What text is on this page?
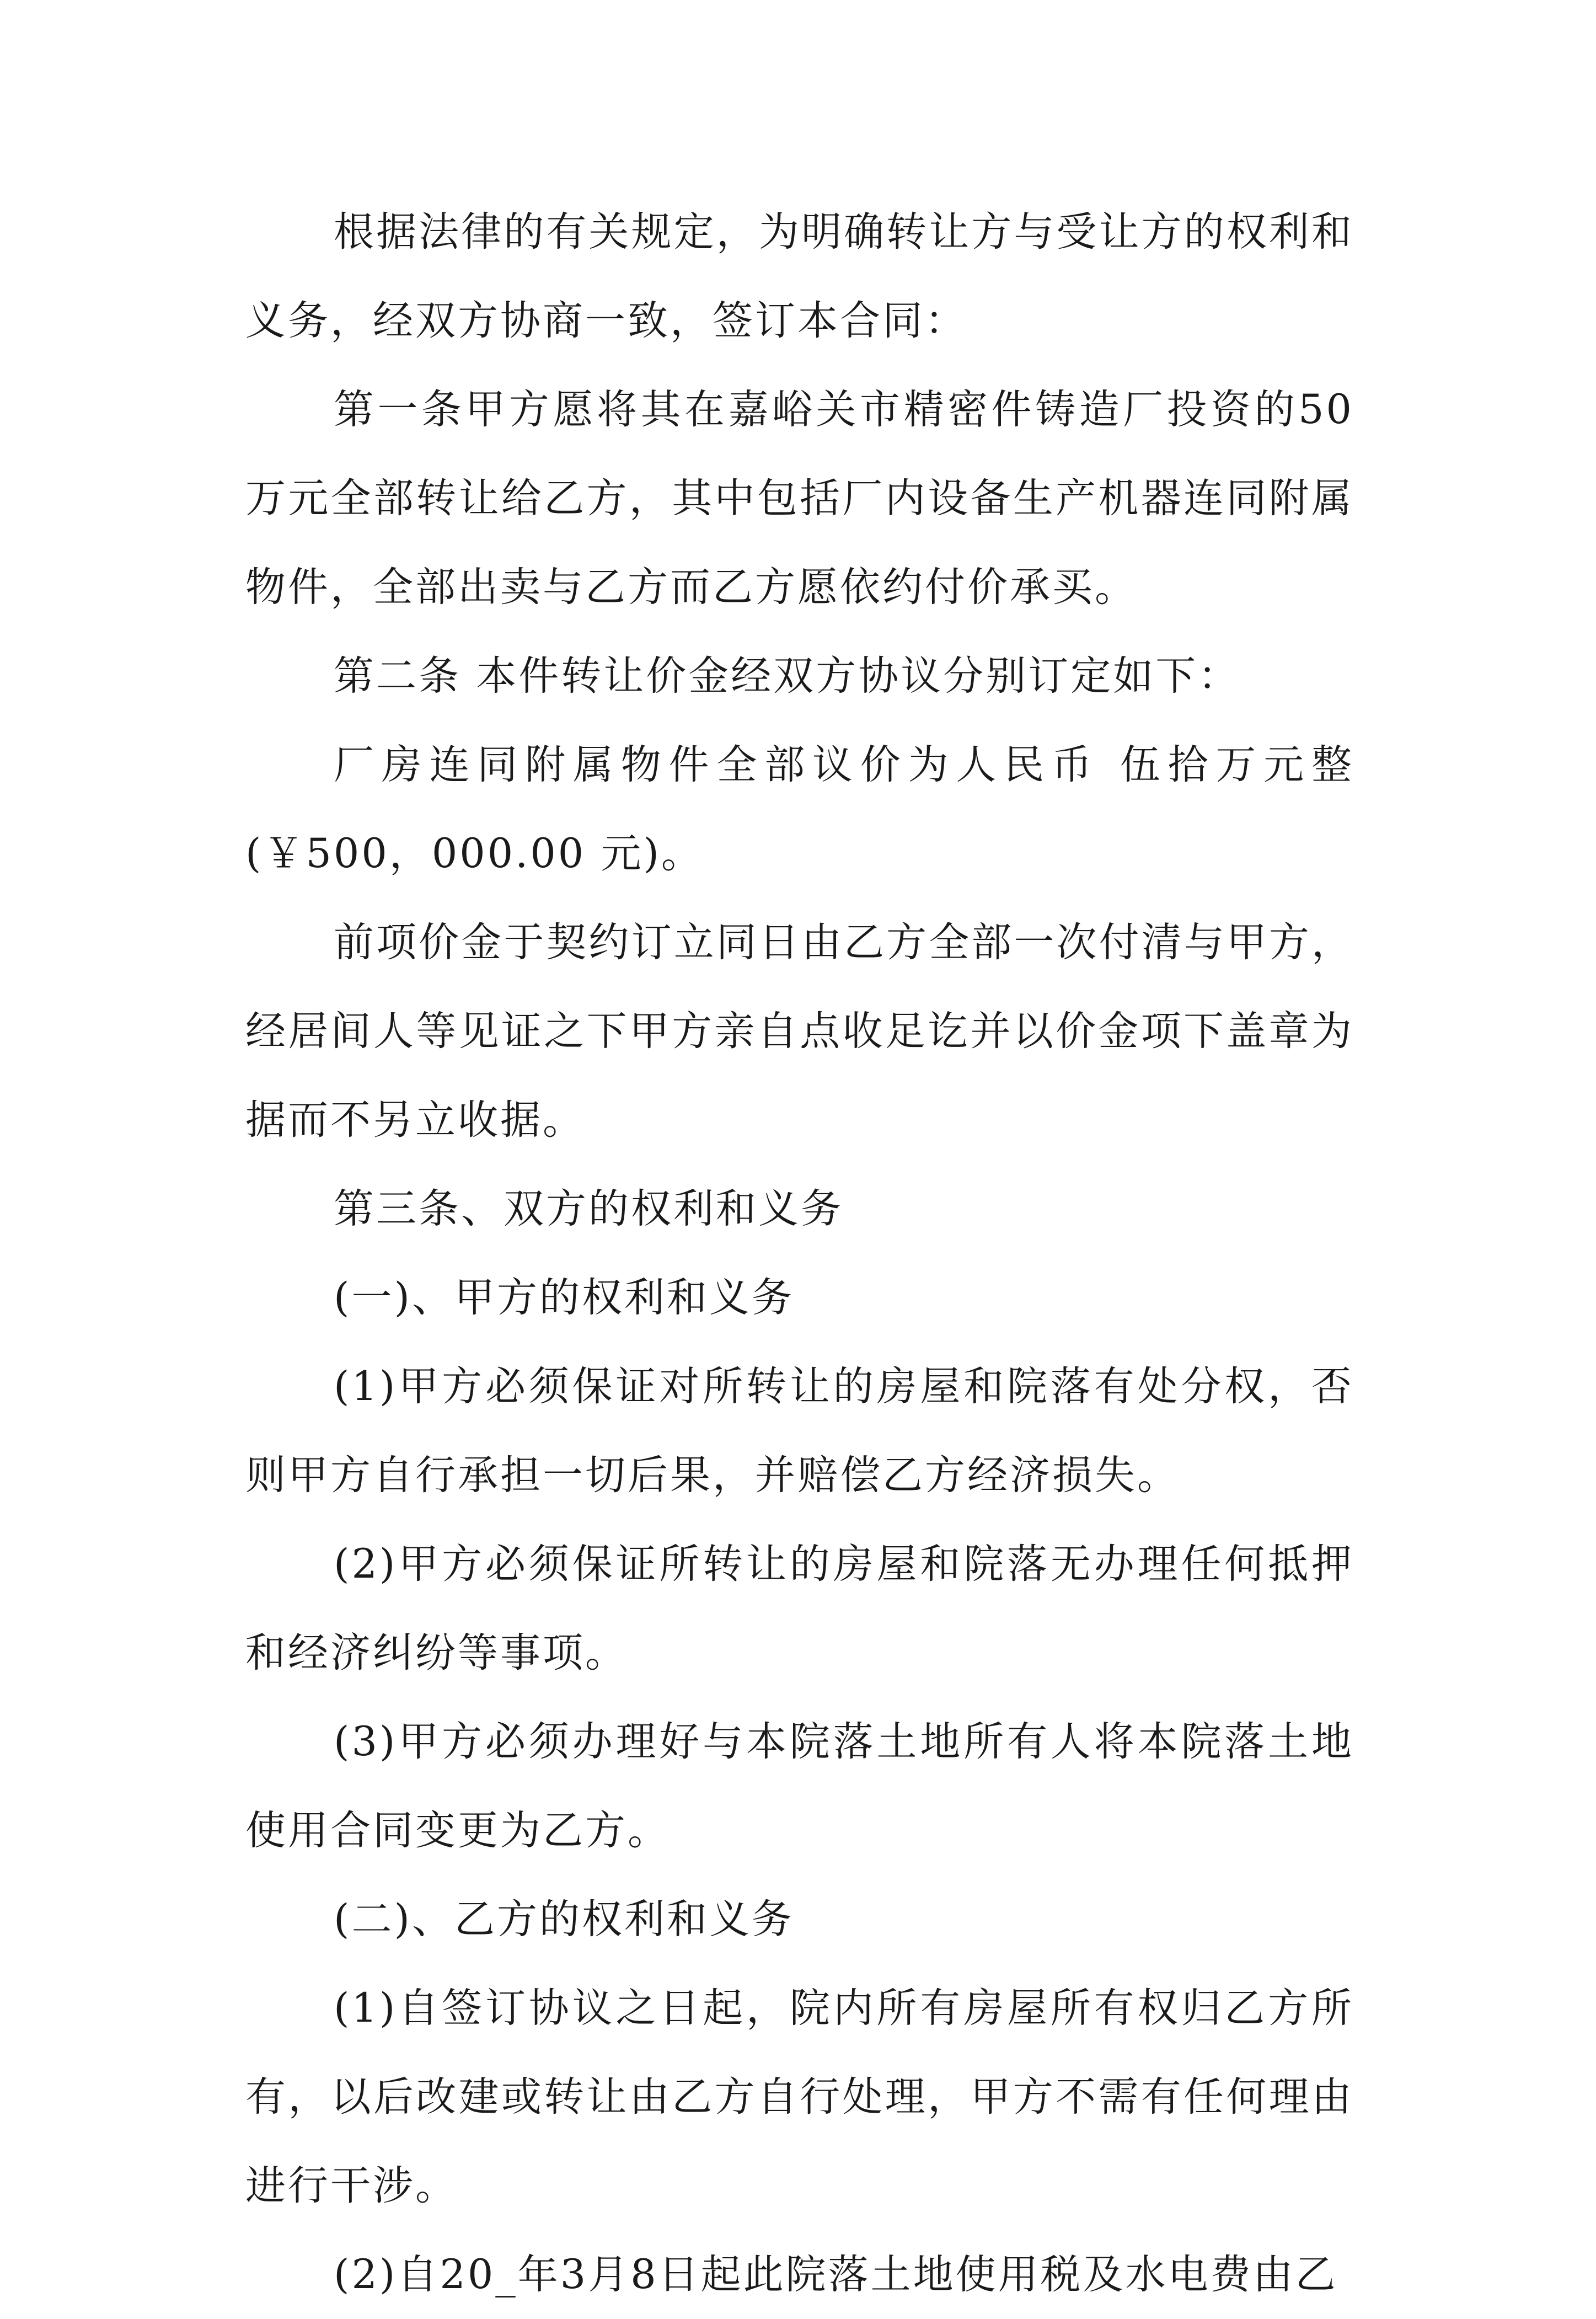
根据法律的有关规定，为明确转让方与受让方的权利和义务，经双方协商一致，签订本合同：

第一条甲方愿将其在嘉峪关市精密件铸造厂投资的50万元全部转让给乙方，其中包括厂内设备生产机器连同附属物件，全部出卖与乙方而乙方愿依约付价承买。

第二条 本件转让价金经双方协议分别订定如下：

厂房连同附属物件全部议价为人民币 伍拾万元整(￥500，000.00 元)。

前项价金于契约订立同日由乙方全部一次付清与甲方，经居间人等见证之下甲方亲自点收足讫并以价金项下盖章为据而不另立收据。

第三条、双方的权利和义务

(一)、甲方的权利和义务

(1)甲方必须保证对所转让的房屋和院落有处分权，否则甲方自行承担一切后果，并赔偿乙方经济损失。

(2)甲方必须保证所转让的房屋和院落无办理任何抵押和经济纠纷等事项。

(3)甲方必须办理好与本院落土地所有人将本院落土地使用合同变更为乙方。

(二)、乙方的权利和义务

(1)自签订协议之日起，院内所有房屋所有权归乙方所有，以后改建或转让由乙方自行处理，甲方不需有任何理由进行干涉。

(2)自20_年3月8日起此院落土地使用税及水电费由乙
